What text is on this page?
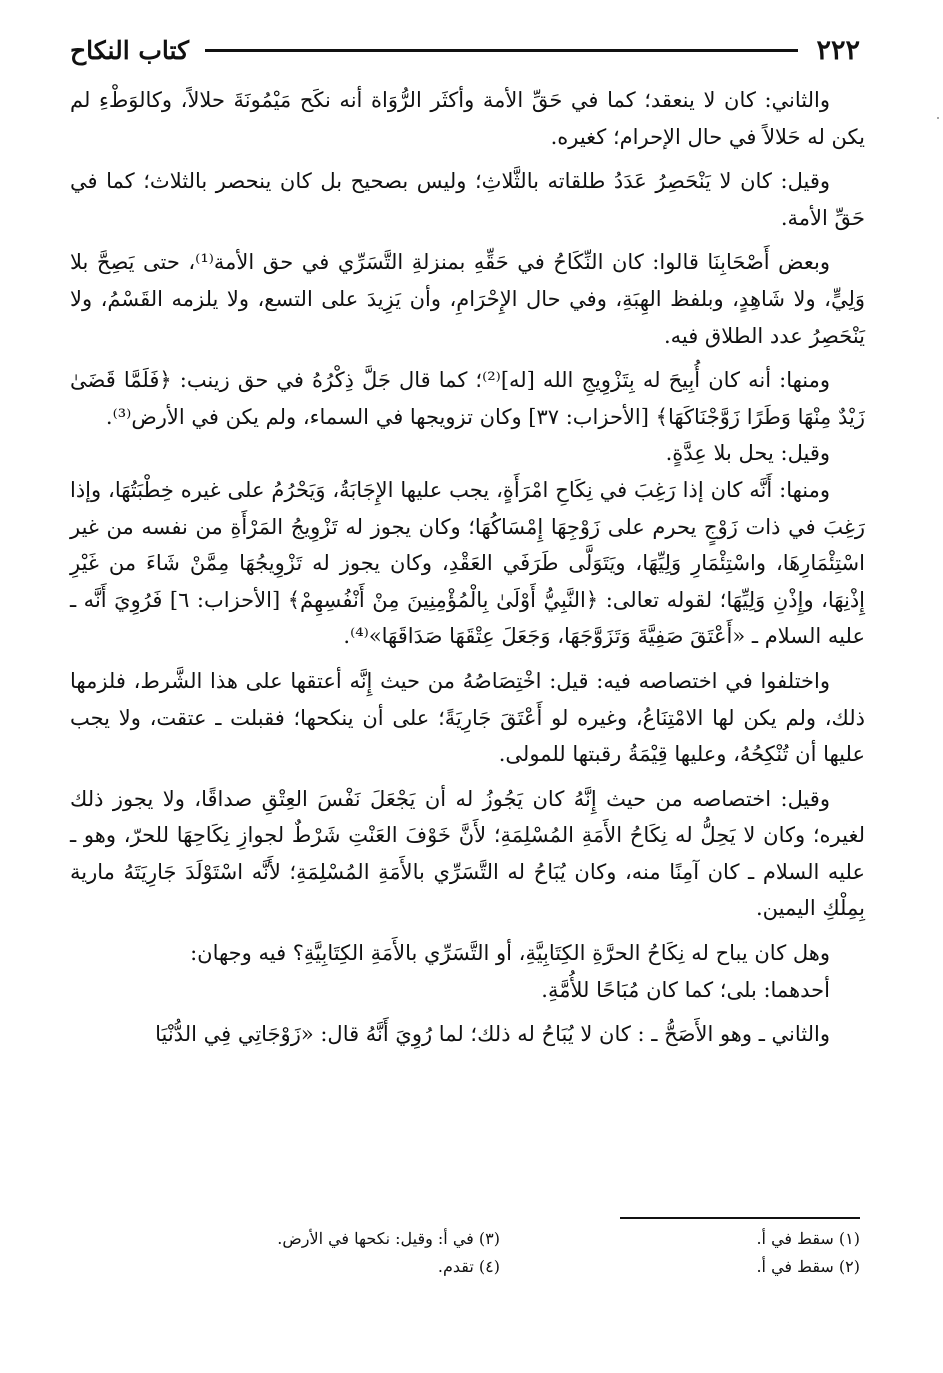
٢٢٢
كتاب النكاح

والثاني: كان لا ينعقد؛ كما في حَقِّ الأمة وأكثَر الرُّوَاة أنه نكَح مَيْمُونَةَ حلالاً، وكالوَطْءِ لم يكن له حَلالاً في حال الإحرام؛ كغيره.

وقيل: كان لا يَنْحَصِرُ عَدَدُ طلقاته بالثَّلاثِ؛ وليس بصحيح بل كان ينحصر بالثلاث؛ كما في حَقِّ الأمة.

وبعض أَصْحَابِنَا قالوا: كان النِّكَاحُ في حَقِّهِ بمنزلةِ التَّسَرِّي في حق الأمة⁽¹⁾، حتى يَصِحَّ بلا وَلِيٍّ، ولا شَاهِدٍ، وبلفظ الهِبَةِ، وفي حال الإِحْرَامِ، وأن يَزِيدَ على التسع، ولا يلزمه القَسْمُ، ولا يَنْحَصِرُ عدد الطلاق فيه.

ومنها: أنه كان أُبِيحَ له بِتَزْوِيجِ الله [له]⁽²⁾؛ كما قال جَلَّ ذِكْرُهُ في حق زينب: ﴿فَلَمَّا قَضَىٰ زَيْدٌ مِنْهَا وَطَرًا زَوَّجْنَاكَهَا﴾ [الأحزاب: ٣٧] وكان تزويجها في السماء، ولم يكن في الأرض⁽³⁾.

وقيل: يحل بلا عِدَّةٍ.

ومنها: أَنَّه كان إذا رَغِبَ في نِكَاحِ امْرَأَةٍ، يجب عليها الإِجَابَةُ، وَيَحْرُمُ على غيره خِطْبَتُهَا، وإذا رَغِبَ في ذات زَوْجٍ يحرم على زَوْجِهَا إِمْسَاكُهَا؛ وكان يجوز له تَزْوِيجُ المَرْأَةِ من نفسه من غير اسْتِئْمَارِهَا، واسْتِئْمَارِ وَلِيِّهَا، ويَتَوَلَّى طَرَفَي العَقْدِ، وكان يجوز له تَزْوِيجُهَا مِمَّنْ شَاءَ من غَيْرِ إِذْنِهَا، وإِذْنِ وَلِيِّهَا؛ لقوله تعالى: ﴿النَّبِيُّ أَوْلَىٰ بِالْمُؤْمِنِينَ مِنْ أَنْفُسِهِمْ﴾ [الأحزاب: ٦] فَرُوِيَ أَنَّه ـ عليه السلام ـ «أَعْتَقَ صَفِيَّةَ وَتَزَوَّجَهَا، وَجَعَلَ عِتْقَهَا صَدَاقَهَا»⁽⁴⁾.

واختلفوا في اختصاصه فيه: قيل: اخْتِصَاصُهُ من حيث إِنَّه أعتقها على هذا الشَّرط، فلزمها ذلك، ولم يكن لها الامْتِنَاعُ، وغيره لو أَعْتَقَ جَارِيَةً؛ على أن ينكحها؛ فقبلت ـ عتقت، ولا يجب عليها أن تُنْكِحُهُ، وعليها قِيْمَةُ رقبتها للمولى.

وقيل: اختصاصه من حيث إِنَّهُ كان يَجُوزُ له أن يَجْعَلَ نَفْسَ العِتْقِ صداقًا، ولا يجوز ذلك لغيره؛ وكان لا يَحِلُّ له نِكَاحُ الأَمَةِ المُسْلِمَةِ؛ لأَنَّ خَوْفَ العَنْتِ شَرْطٌ لجوازِ نِكَاحِهَا للحرّ، وهو ـ عليه السلام ـ كان آمِنًا منه، وكان يُبَاحُ له التَّسَرِّي بالأَمَةِ المُسْلِمَةِ؛ لأَنَّه اسْتَوْلَدَ جَارِيَتَهُ مارية بِمِلْكِ اليمين.

وهل كان يباح له نِكَاحُ الحرَّةِ الكِتَابِيَّةِ، أو التَّسَرِّي بالأَمَةِ الكِتَابِيَّةِ؟ فيه وجهان:

أحدهما: بلى؛ كما كان مُبَاحًا للأُمَّةِ.

والثاني ـ وهو الأَصَحُّ ـ : كان لا يُبَاحُ له ذلك؛ لما رُوِيَ أَنَّهُ قال: «زَوْجَاتِي فِي الدُّنْيَا

(١) سقط في أ.
(٣) في أ: وقيل: نكحها في الأرض.
(٢) سقط في أ.
(٤) تقدم.
